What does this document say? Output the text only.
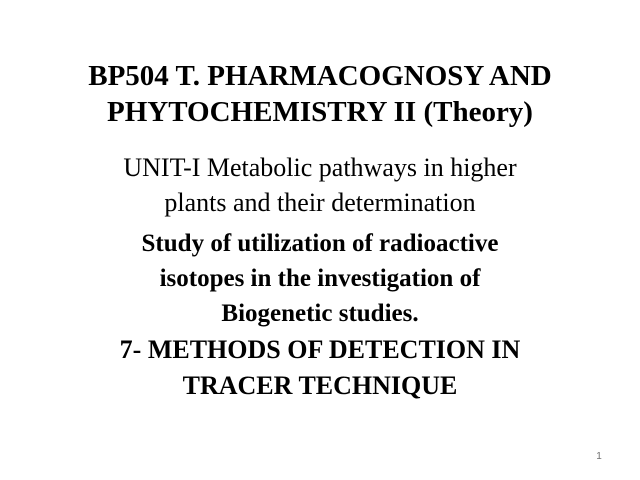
BP504 T. PHARMACOGNOSY AND
PHYTOCHEMISTRY II (Theory)
UNIT-I Metabolic pathways in higher
plants and their determination
Study of utilization of radioactive
isotopes in the investigation of
Biogenetic studies.
7- METHODS OF DETECTION IN
TRACER TECHNIQUE
1
